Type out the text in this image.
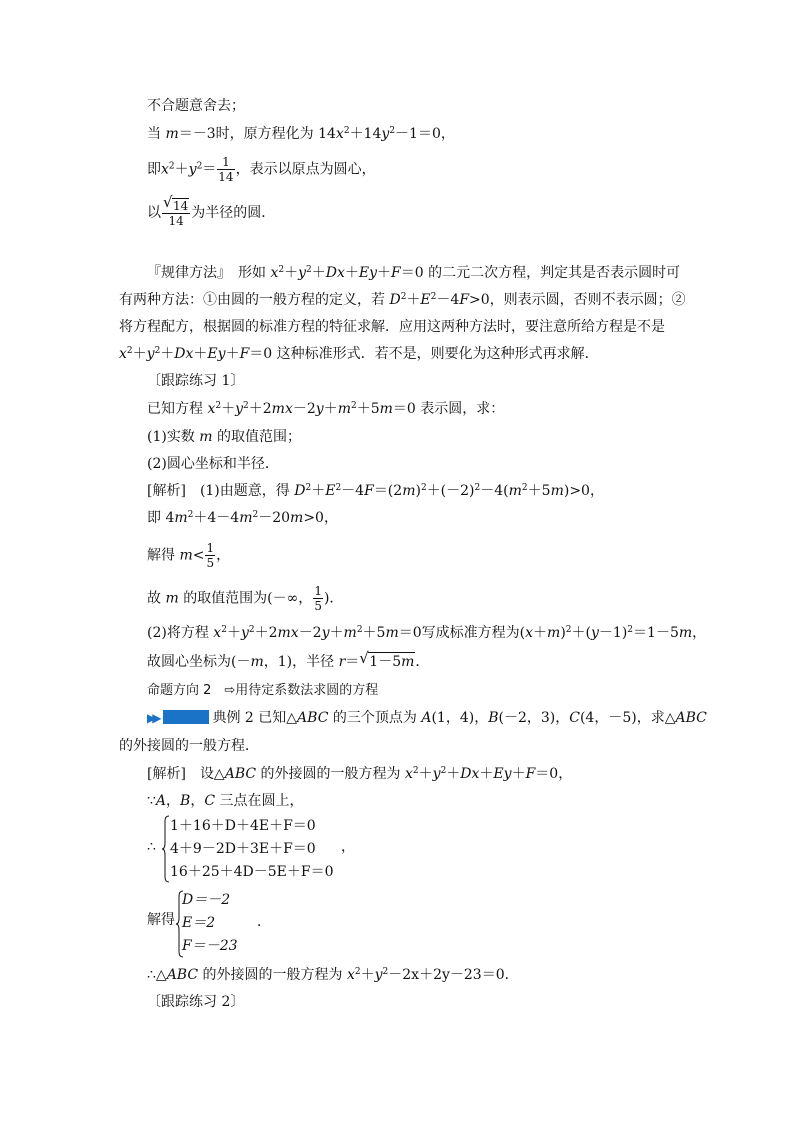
不合题意舍去；
当 m＝－3时，原方程化为 $14x^2+14y^2-1=0$，
即$x^2+y^2= \frac{1}{14}$ ，表示以原点为圆心，
以 $\frac{√ 14}{14}$ 为半径的圆．
『规律方法』　形如 $x^2+y^2+Dx+Ey+F=0$ 的二元二次方程，判定其是否表示圆时可
有两种方法：①由圆的一般方程的定义，若 $D^2+E^2-4F>0$，则表示圆，否则不表示圆；②
将方程配方，根据圆的标准方程的特征求解．应用这两种方法时，要注意所给方程是不是
$x^2+y^2+Dx+Ey+F=0$ 这种标准形式．若不是，则要化为这种形式再求解．
〔跟踪练习 1〕
已知方程 $x^2+y^2+2mx-2y+m^2+5m=0$ 表示圆，求：
(1)实数 m 的取值范围；
(2)圆心坐标和半径．
[解析]　 (1)由题意，得 $D^2+E^2-4F=(2m)^2+(-2)^2-4(m^2+5m)>0$，
即 $4m^2+4-4m^2-20m>0$，
解得 $m< \frac{1}{5}$ ，
故 m 的取值范围为(－∞， $\frac{1}{5}$ )．
(2)将方程 $x^2+y^2+2mx-2y+m^2+5m=0$写成标准方程为$(x+m)^2+(y-1)^2=1-5m$，
故圆心坐标为(－m，1)，半径 r＝ √ 1－5m．
命题方向 2　⇨用待定系数法求圆的方程
▶▶	典例 2 已知△ABC 的三个顶点为 A(1，4)，B(－2，3)，C(4，－5)，求△ABC
的外接圆的一般方程．
[解析]　 设△ABC 的外接圆的一般方程为 $x^2+y^2+Dx+Ey+F=0$，
∵A，B，C 三点在圆上，
∴
1＋16＋D＋4E＋F＝0
4＋9－2D＋3E＋F＝0
16＋25＋4D－5E＋F＝0
，
解得
D＝－2
E＝2
F＝－23
．
∴△ABC 的外接圆的一般方程为 $x^2+y^2-2x+2y-23=0$．
〔跟踪练习 2〕
